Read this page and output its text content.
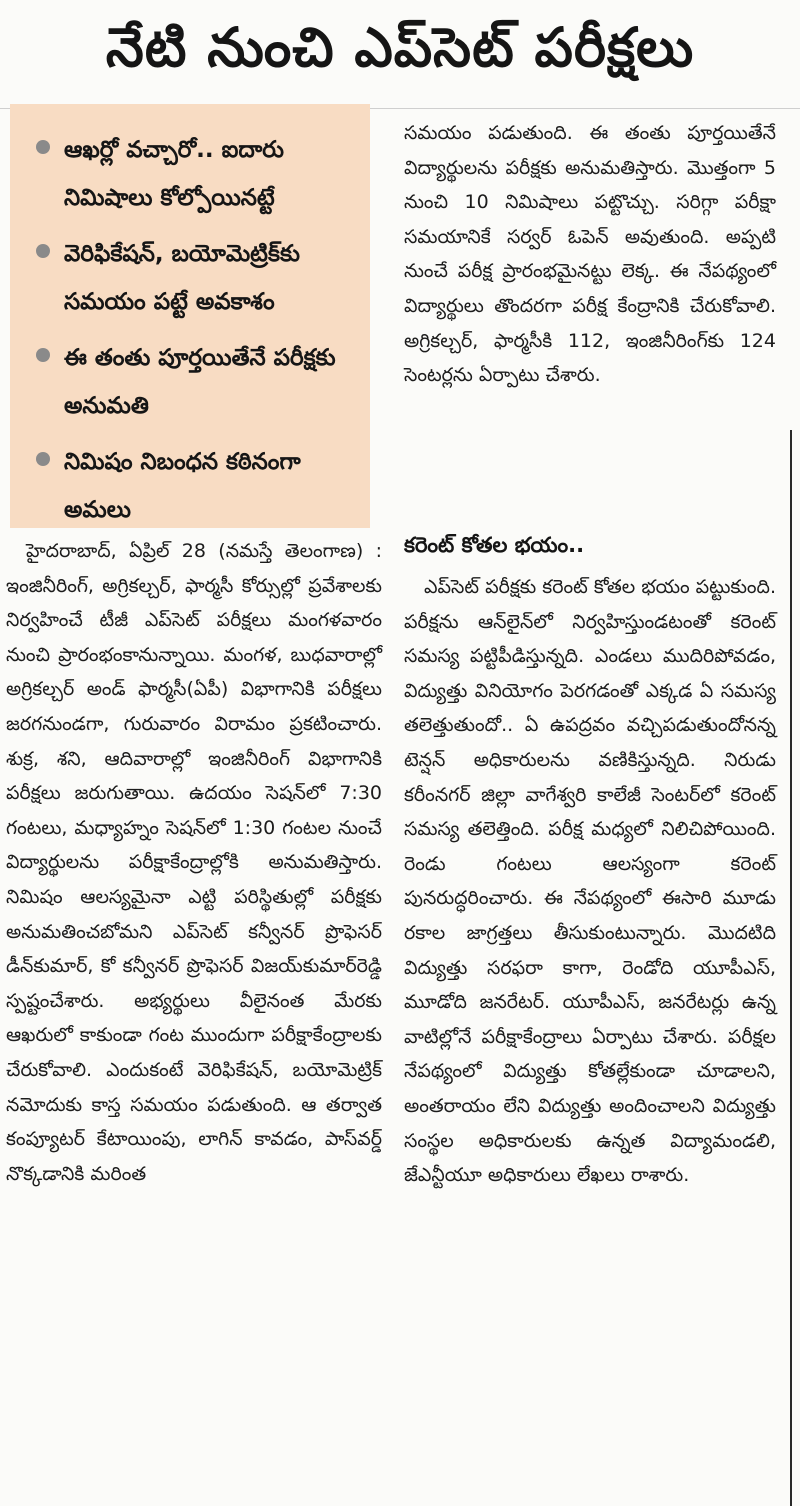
నేటి నుంచి ఎప్‌సెట్‌ పరీక్షలు
ఆఖర్లో వచ్చారో.. ఐదారు నిమిషాలు కోల్పోయినట్టే
వెరిఫికేషన్‌, బయోమెట్రిక్‌కు సమయం పట్టే అవకాశం
ఈ తంతు పూర్తయితేనే పరీక్షకు అనుమతి
నిమిషం నిబంధన కఠినంగా అమలు

హైదరాబాద్‌, ఏప్రిల్‌ 28 (నమస్తే తెలంగాణ) : ఇంజినీరింగ్‌, అగ్రికల్చర్‌, ఫార్మసీ కోర్సుల్లో ప్రవేశాలకు నిర్వహించే టీజీ ఎప్‌సెట్‌ పరీక్షలు మంగళవారం నుంచి ప్రారంభంకానున్నాయి. మంగళ, బుధవారాల్లో అగ్రికల్చర్‌ అండ్‌ ఫార్మసీ(ఏపీ) విభాగానికి పరీక్షలు జరగనుండగా, గురువారం విరామం ప్రకటించారు. శుక్ర, శని, ఆదివారాల్లో ఇంజినీరింగ్‌ విభాగానికి పరీక్షలు జరుగుతాయి. ఉదయం సెషన్‌లో 7:30 గంటలు, మధ్యాహ్నం సెషన్‌లో 1:30 గంటల నుంచే విద్యార్థులను పరీక్షాకేంద్రాల్లోకి అనుమతిస్తారు. నిమిషం ఆలస్యమైనా ఎట్టి పరిస్థితుల్లో పరీక్షకు అనుమతించబోమని ఎప్‌సెట్‌ కన్వీనర్‌ ప్రొఫెసర్‌ డీన్‌కుమార్‌, కో కన్వీనర్‌ ప్రొఫెసర్‌ విజయ్‌కుమార్‌రెడ్డి స్పష్టంచేశారు. అభ్యర్థులు వీలైనంత మేరకు ఆఖరులో కాకుండా గంట ముందుగా పరీక్షాకేంద్రాలకు చేరుకోవాలి. ఎందుకంటే వెరిఫికేషన్‌, బయోమెట్రిక్‌ నమోదుకు కాస్త సమయం పడుతుంది. ఆ తర్వాత కంప్యూటర్‌ కేటాయింపు, లాగిన్‌ కావడం, పాస్‌వర్డ్‌ నొక్కడానికి మరింత

సమయం పడుతుంది. ఈ తంతు పూర్తయితేనే విద్యార్థులను పరీక్షకు అనుమతిస్తారు. మొత్తంగా 5 నుంచి 10 నిమిషాలు పట్టొచ్చు. సరిగ్గా పరీక్షా సమయానికే సర్వర్‌ ఓపెన్‌ అవుతుంది. అప్పటి నుంచే పరీక్ష ప్రారంభమైనట్టు లెక్క. ఈ నేపథ్యంలో విద్యార్థులు తొందరగా పరీక్ష కేంద్రానికి చేరుకోవాలి. అగ్రికల్చర్‌, ఫార్మసీకి 112, ఇంజినీరింగ్‌కు 124 సెంటర్లను ఏర్పాటు చేశారు.

కరెంట్‌ కోతల భయం..

ఎప్‌సెట్‌ పరీక్షకు కరెంట్‌ కోతల భయం పట్టుకుంది. పరీక్షను ఆన్‌లైన్‌లో నిర్వహిస్తుండటంతో కరెంట్‌ సమస్య పట్టిపీడిస్తున్నది. ఎండలు ముదిరిపోవడం, విద్యుత్తు వినియోగం పెరగడంతో ఎక్కడ ఏ సమస్య తలెత్తుతుందో.. ఏ ఉపద్రవం వచ్చిపడుతుందోనన్న టెన్షన్‌ అధికారులను వణికిస్తున్నది. నిరుడు కరీంనగర్‌ జిల్లా వాగేశ్వరి కాలేజీ సెంటర్‌లో కరెంట్‌ సమస్య తలెత్తింది. పరీక్ష మధ్యలో నిలిచిపోయింది. రెండు గంటలు ఆలస్యంగా కరెంట్‌ పునరుద్ధరించారు. ఈ నేపథ్యంలో ఈసారి మూడు రకాల జాగ్రత్తలు తీసుకుంటున్నారు. మొదటిది విద్యుత్తు సరఫరా కాగా, రెండోది యూపీఎస్‌, మూడోది జనరేటర్‌. యూపీఎస్‌, జనరేటర్లు ఉన్న వాటిల్లోనే పరీక్షాకేంద్రాలు ఏర్పాటు చేశారు. పరీక్షల నేపథ్యంలో విద్యుత్తు కోతల్లేకుండా చూడాలని, అంతరాయం లేని విద్యుత్తు అందించాలని విద్యుత్తు సంస్థల అధికారులకు ఉన్నత విద్యామండలి, జేఎన్టీయూ అధికారులు లేఖలు రాశారు.
